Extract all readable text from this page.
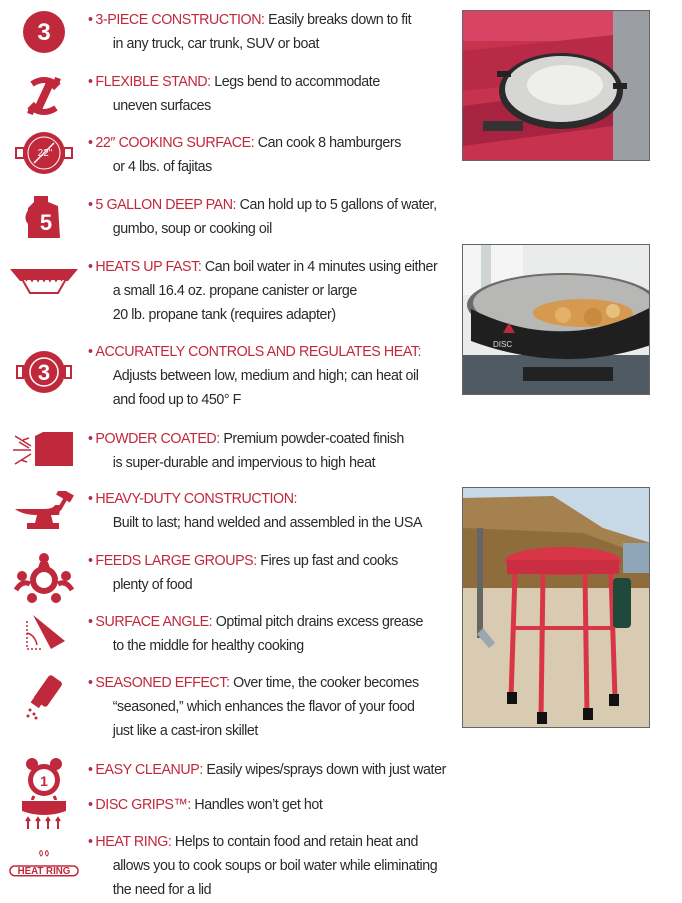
3 • 3-PIECE CONSTRUCTION: Easily breaks down to fit
in any truck, car trunk, SUV or boat
• FLEXIBLE STAND: Legs bend to accommodate
uneven surfaces
22"
• 22″ COOKING SURFACE: Can cook 8 hamburgers
or 4 lbs. of fajitas
5
• 5 GALLON DEEP PAN: Can hold up to 5 gallons of water,
gumbo, soup or cooking oil
• HEATS UP FAST: Can boil water in 4 minutes using either
a small 16.4 oz. propane canister or large
20 lb. propane tank (requires adapter)
3
• ACCURATELY CONTROLS AND REGULATES HEAT:
Adjusts between low, medium and high; can heat oil
and food up to 450° F
• POWDER COATED: Premium powder-coated finish
is super-durable and impervious to high heat
• HEAVY-DUTY CONSTRUCTION:
Built to last; hand welded and assembled in the USA
• FEEDS LARGE GROUPS: Fires up fast and cooks
plenty of food
• SURFACE ANGLE: Optimal pitch drains excess grease
to the middle for healthy cooking
• SEASONED EFFECT: Over time, the cooker becomes
“seasoned,” which enhances the flavor of your food
just like a cast-iron skillet
1
• EASY CLEANUP: Easily wipes/sprays down with just water
• DISC GRIPS™: Handles won’t get hot
HEAT RING
• HEAT RING: Helps to contain food and retain heat and
allows you to cook soups or boil water while eliminating
the need for a lid
DISC
